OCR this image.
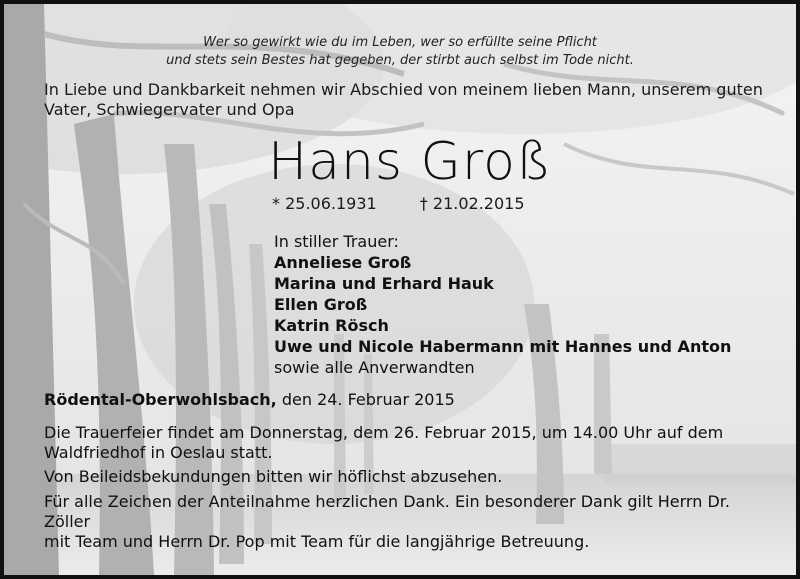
Wer so gewirkt wie du im Leben, wer so erfüllte seine Pflicht
und stets sein Bestes hat gegeben, der stirbt auch selbst im Tode nicht.
In Liebe und Dankbarkeit nehmen wir Abschied von meinem lieben Mann, unserem guten
Vater, Schwiegervater und Opa
Hans Groß
* 25.06.1931	† 21.02.2015
In stiller Trauer:
Anneliese Groß
Marina und Erhard Hauk
Ellen Groß
Katrin Rösch
Uwe und Nicole Habermann mit Hannes und Anton
sowie alle Anverwandten
Rödental-Oberwohlsbach, den 24. Februar 2015
Die Trauerfeier findet am Donnerstag, dem 26. Februar 2015, um 14.00 Uhr auf dem
Waldfriedhof in Oeslau statt.
Von Beileidsbekundungen bitten wir höflichst abzusehen.
Für alle Zeichen der Anteilnahme herzlichen Dank. Ein besonderer Dank gilt Herrn Dr. Zöller
mit Team und Herrn Dr. Pop mit Team für die langjährige Betreuung.
